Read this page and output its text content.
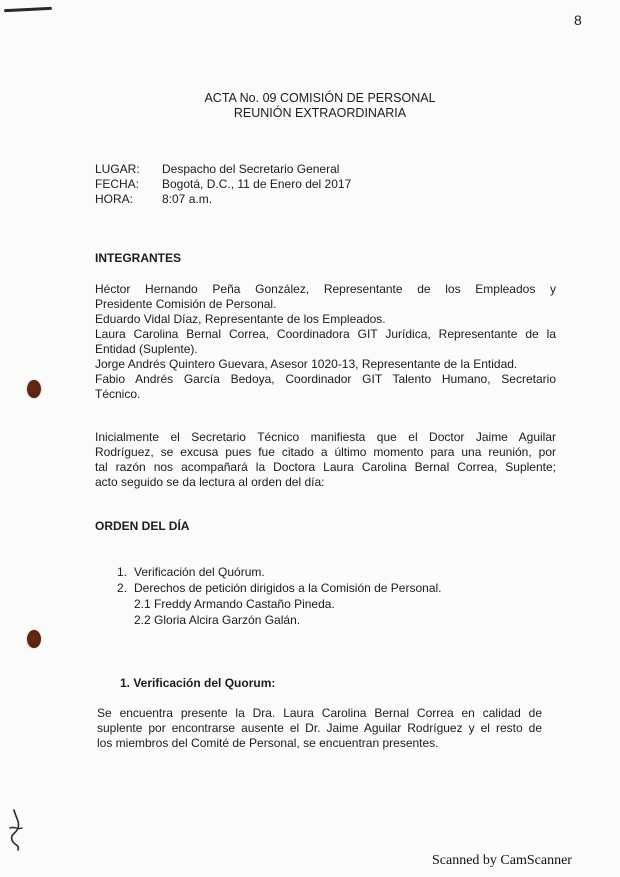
8
ACTA No. 09 COMISIÓN DE PERSONAL
REUNIÓN EXTRAORDINARIA
LUGAR:	Despacho del Secretario General
FECHA:	Bogotá, D.C., 11 de Enero del 2017
HORA:	8:07 a.m.
INTEGRANTES
Héctor Hernando Peña González, Representante de los Empleados y
Presidente Comisión de Personal.
Eduardo Vidal Díaz, Representante de los Empleados.
Laura Carolina Bernal Correa, Coordinadora GIT Jurídica, Representante de la
Entidad (Suplente).
Jorge Andrés Quintero Guevara, Asesor 1020-13, Representante de la Entidad.
Fabio Andrés García Bedoya, Coordinador GIT Talento Humano, Secretario
Técnico.
Inicialmente el Secretario Técnico manifiesta que el Doctor Jaime Aguilar
Rodríguez, se excusa pues fue citado a último momento para una reunión, por
tal razón nos acompañará la Doctora Laura Carolina Bernal Correa, Suplente;
acto seguido se da lectura al orden del día:
ORDEN DEL DÍA
1. Verificación del Quórum.
2. Derechos de petición dirigidos a la Comisión de Personal.
2.1 Freddy Armando Castaño Pineda.
2.2 Gloria Alcira Garzón Galán.
1. Verificación del Quorum:
Se encuentra presente la Dra. Laura Carolina Bernal Correa en calidad de
suplente por encontrarse ausente el Dr. Jaime Aguilar Rodríguez y el resto de
los miembros del Comité de Personal, se encuentran presentes.
Scanned by CamScanner
